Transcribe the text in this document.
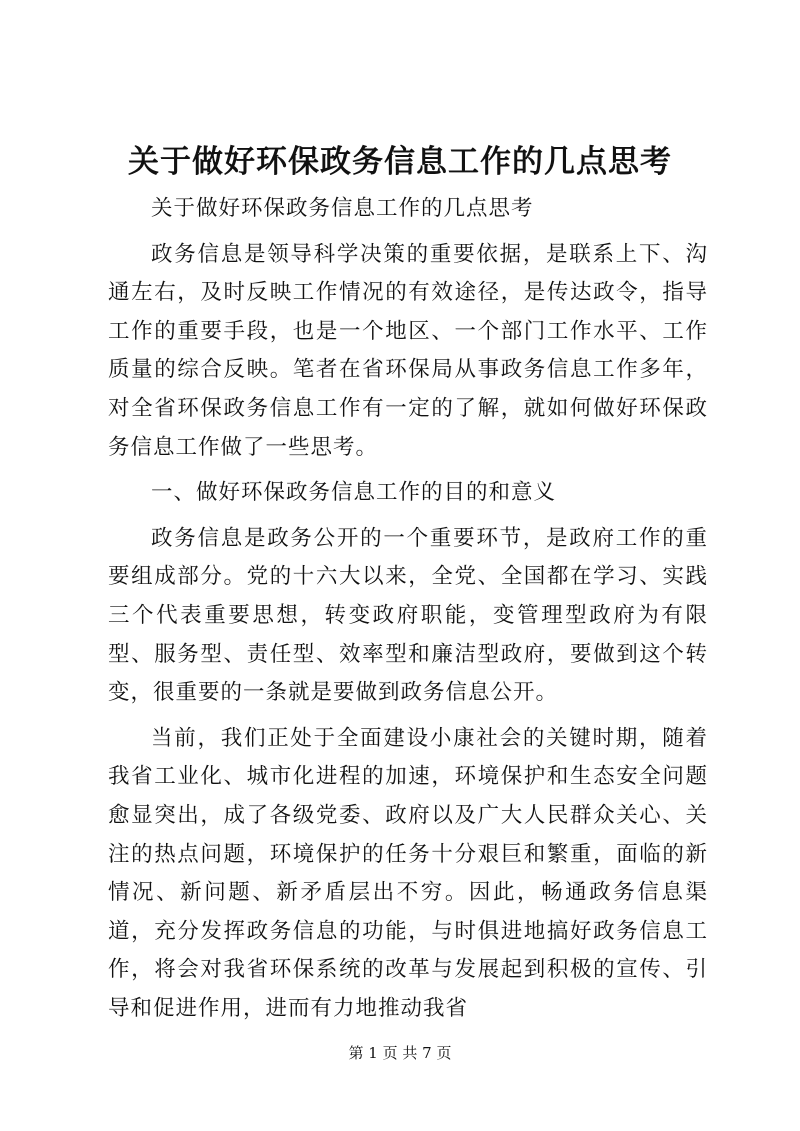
关于做好环保政务信息工作的几点思考

关于做好环保政务信息工作的几点思考

政务信息是领导科学决策的重要依据，是联系上下、沟通左右，及时反映工作情况的有效途径，是传达政令，指导工作的重要手段，也是一个地区、一个部门工作水平、工作质量的综合反映。笔者在省环保局从事政务信息工作多年，对全省环保政务信息工作有一定的了解，就如何做好环保政务信息工作做了一些思考。

一、做好环保政务信息工作的目的和意义

政务信息是政务公开的一个重要环节，是政府工作的重要组成部分。党的十六大以来，全党、全国都在学习、实践三个代表重要思想，转变政府职能，变管理型政府为有限型、服务型、责任型、效率型和廉洁型政府，要做到这个转变，很重要的一条就是要做到政务信息公开。

当前，我们正处于全面建设小康社会的关键时期，随着我省工业化、城市化进程的加速，环境保护和生态安全问题愈显突出，成了各级党委、政府以及广大人民群众关心、关注的热点问题，环境保护的任务十分艰巨和繁重，面临的新情况、新问题、新矛盾层出不穷。因此，畅通政务信息渠道，充分发挥政务信息的功能，与时俱进地搞好政务信息工作，将会对我省环保系统的改革与发展起到积极的宣传、引导和促进作用，进而有力地推动我省

第 1 页 共 7 页
